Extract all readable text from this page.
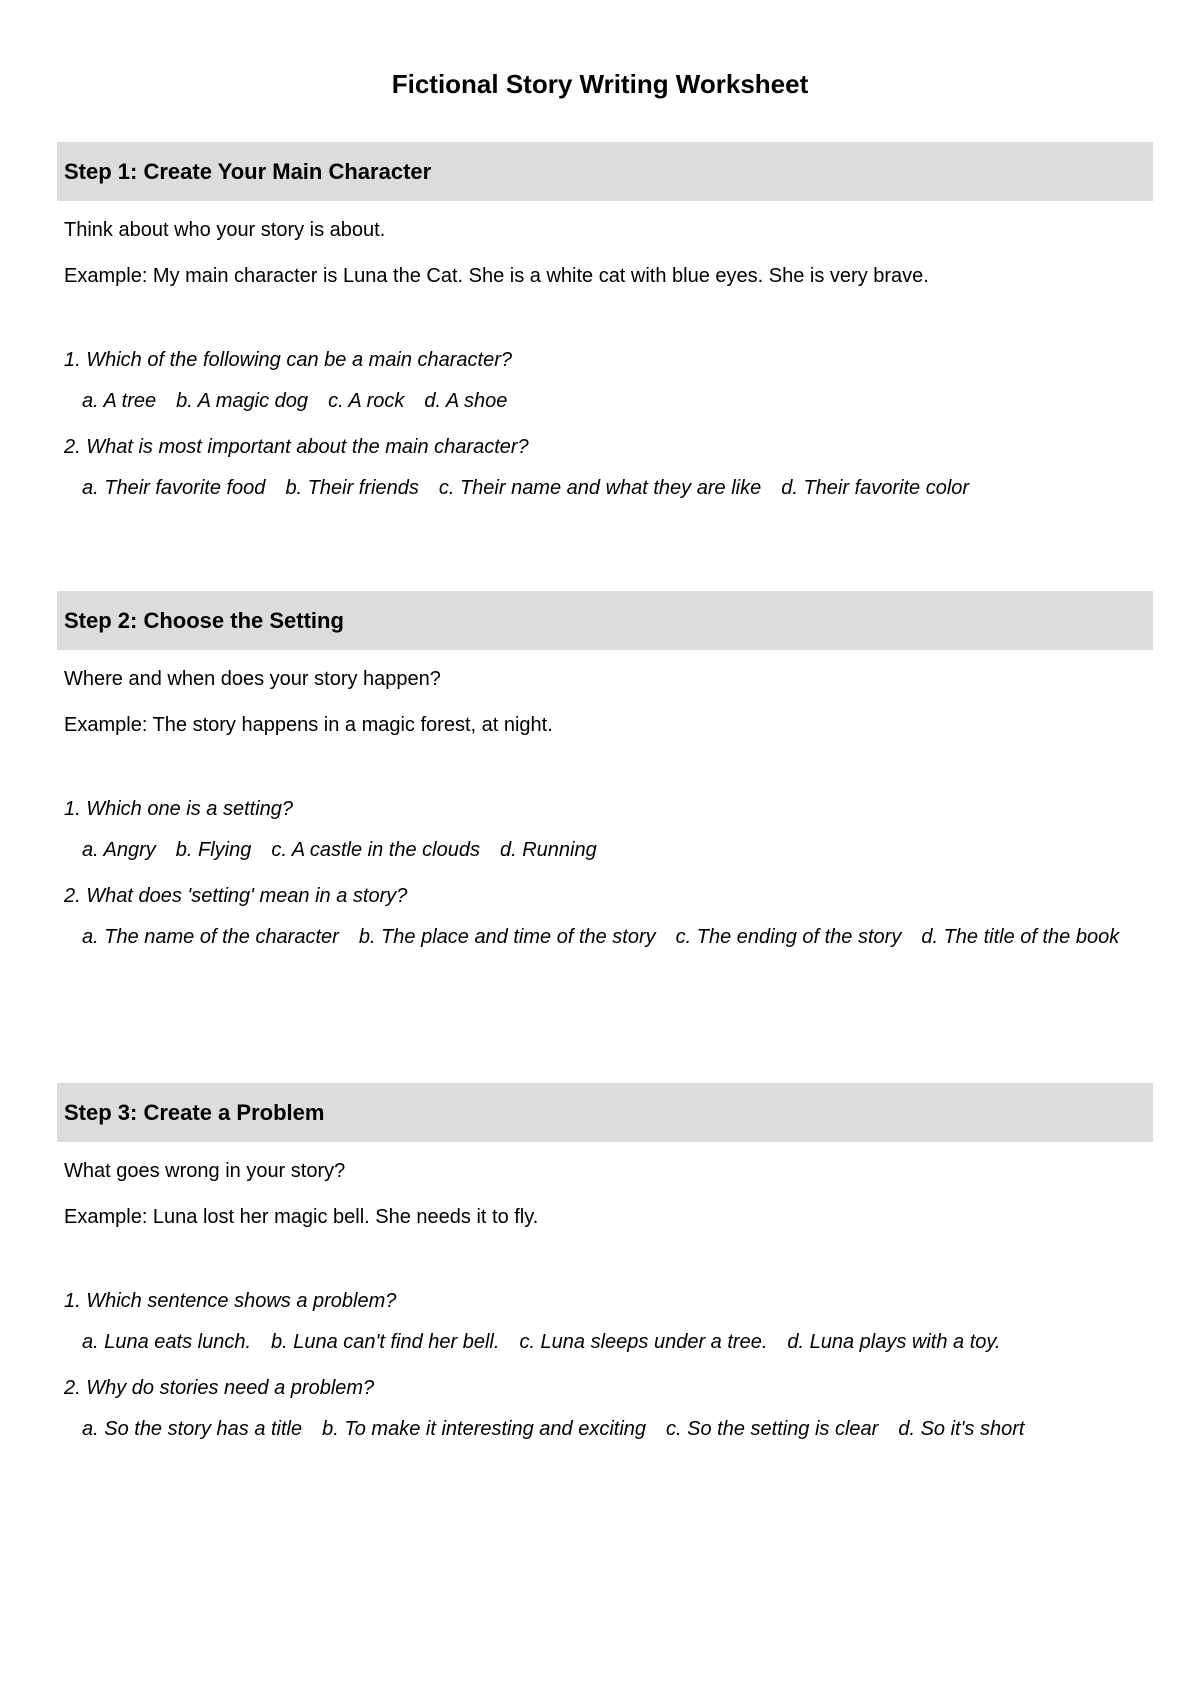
Fictional Story Writing Worksheet
Step 1: Create Your Main Character

Think about who your story is about.

Example: My main character is Luna the Cat. She is a white cat with blue eyes. She is very brave.

1. Which of the following can be a main character?

a. A tree b. A magic dog c. A rock d. A shoe

2. What is most important about the main character?

a. Their favorite food b. Their friends c. Their name and what they are like d. Their favorite color

Step 2: Choose the Setting

Where and when does your story happen?

Example: The story happens in a magic forest, at night.

1. Which one is a setting?

a. Angry b. Flying c. A castle in the clouds d. Running

2. What does 'setting' mean in a story?

a. The name of the character b. The place and time of the story c. The ending of the story d. The title of the book

Step 3: Create a Problem

What goes wrong in your story?

Example: Luna lost her magic bell. She needs it to fly.

1. Which sentence shows a problem?

a. Luna eats lunch. b. Luna can't find her bell. c. Luna sleeps under a tree. d. Luna plays with a toy.

2. Why do stories need a problem?

a. So the story has a title b. To make it interesting and exciting c. So the setting is clear d. So it's short
